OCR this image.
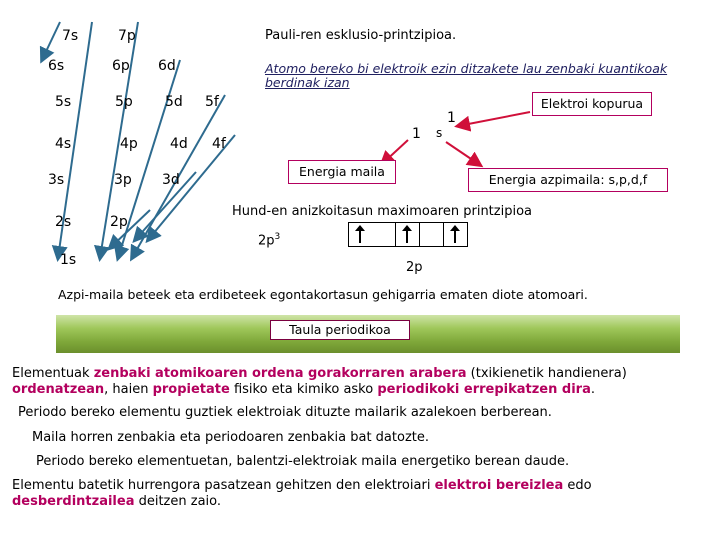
7s	7p
6s	6p 6d
5s	5p 5d 5f
4s	4p 4d 4f
3s	3p 3d
2s	2p
1s
Pauli-ren esklusio-printzipioa.
Atomo bereko bi elektroik ezin ditzakete lau zenbaki kuantikoak berdinak izan
Elektroi kopurua
1 s
1
Energia maila
Energia azpimaila: s,p,d,f
Hund-en anizkoitasun maximoaren printzipioa
$2p^3$
2p
Azpi-maila beteek eta erdibeteek egontakortasun gehigarria ematen diote atomoari.
Taula periodikoa
Elementuak zenbaki atomikoaren ordena gorakorraren arabera (txikienetik handienera) ordenatzean, haien propietate fisiko eta kimiko asko periodikoki errepikatzen dira.
Periodo bereko elementu guztiek elektroiak dituzte mailarik azalekoen berberean.
Maila horren zenbakia eta periodoaren zenbakia bat datozte.
Periodo bereko elementuetan, balentzi-elektroiak maila energetiko berean daude.
Elementu batetik hurrengora pasatzean gehitzen den elektroiari elektroi bereizlea edo desberdintzailea deitzen zaio.
